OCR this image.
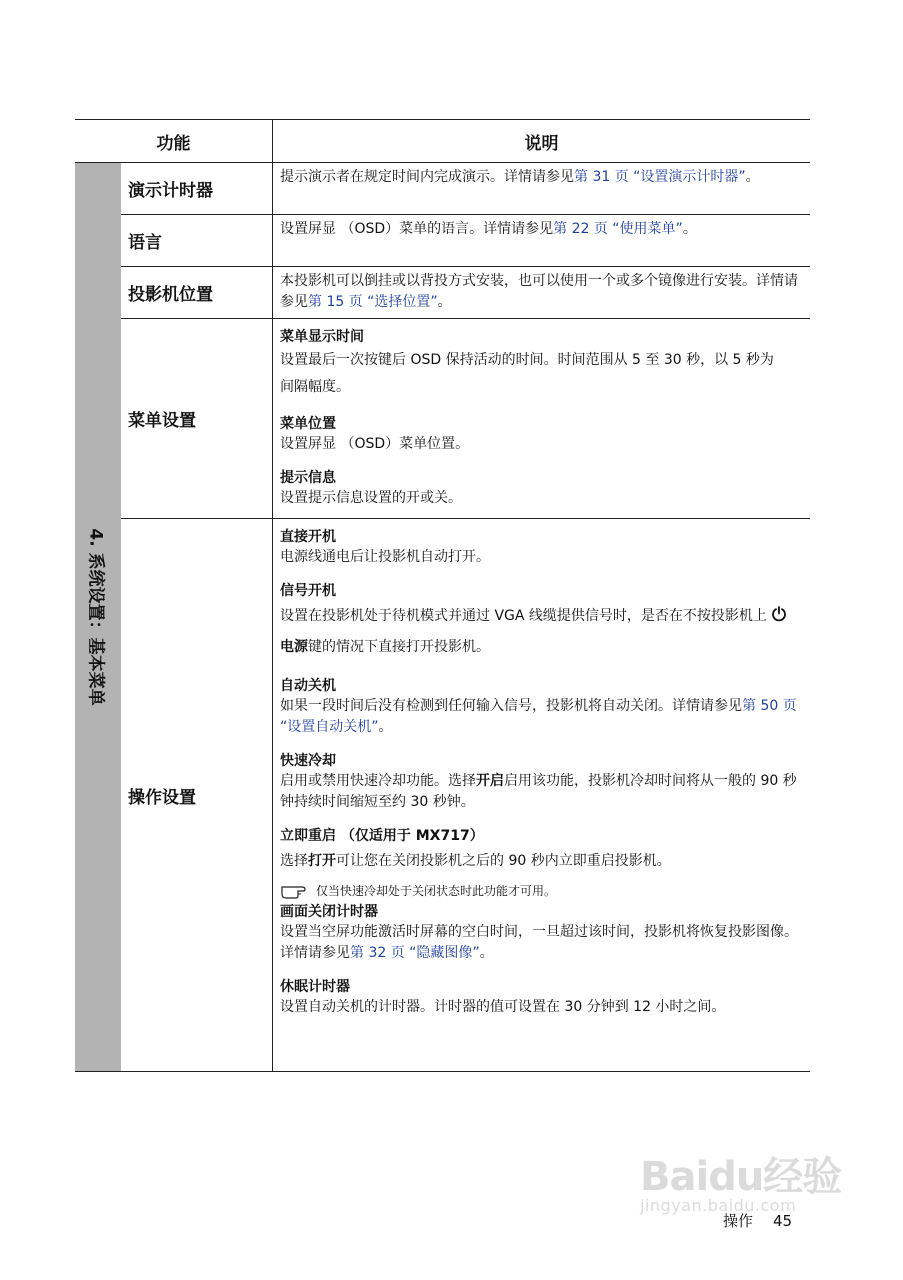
功能	说明
4. 系统设置：基本菜单
演示计时器
提示演示者在规定时间内完成演示。详情请参见第 31 页 “设置演示计时器”。
语言
设置屏显 （OSD）菜单的语言。详情请参见第 22 页 “使用菜单”。
投影机位置
本投影机可以倒挂或以背投方式安装，也可以使用一个或多个镜像进行安装。详情请参见第 15 页 “选择位置”。
菜单设置
菜单显示时间
设置最后一次按键后 OSD 保持活动的时间。时间范围从 5 至 30 秒，以 5 秒为间隔幅度。
菜单位置
设置屏显 （OSD）菜单位置。
提示信息
设置提示信息设置的开或关。
操作设置
直接开机
电源线通电后让投影机自动打开。
信号开机
设置在投影机处于待机模式并通过 VGA 线缆提供信号时，是否在不按投影机上电源键的情况下直接打开投影机。
自动关机
如果一段时间后没有检测到任何输入信号，投影机将自动关闭。详情请参见第 50 页 “设置自动关机”。
快速冷却
启用或禁用快速冷却功能。选择开启启用该功能，投影机冷却时间将从一般的 90 秒钟持续时间缩短至约 30 秒钟。
立即重启 （仅适用于 MX717）
选择打开可让您在关闭投影机之后的 90 秒内立即重启投影机。
仅当快速冷却处于关闭状态时此功能才可用。
画面关闭计时器
设置当空屏功能激活时屏幕的空白时间，一旦超过该时间，投影机将恢复投影图像。详情请参见第 32 页 “隐藏图像”。
休眠计时器
设置自动关机的计时器。计时器的值可设置在 30 分钟到 12 小时之间。
Baidu经验
jingyan.baidu.com
操作 45
